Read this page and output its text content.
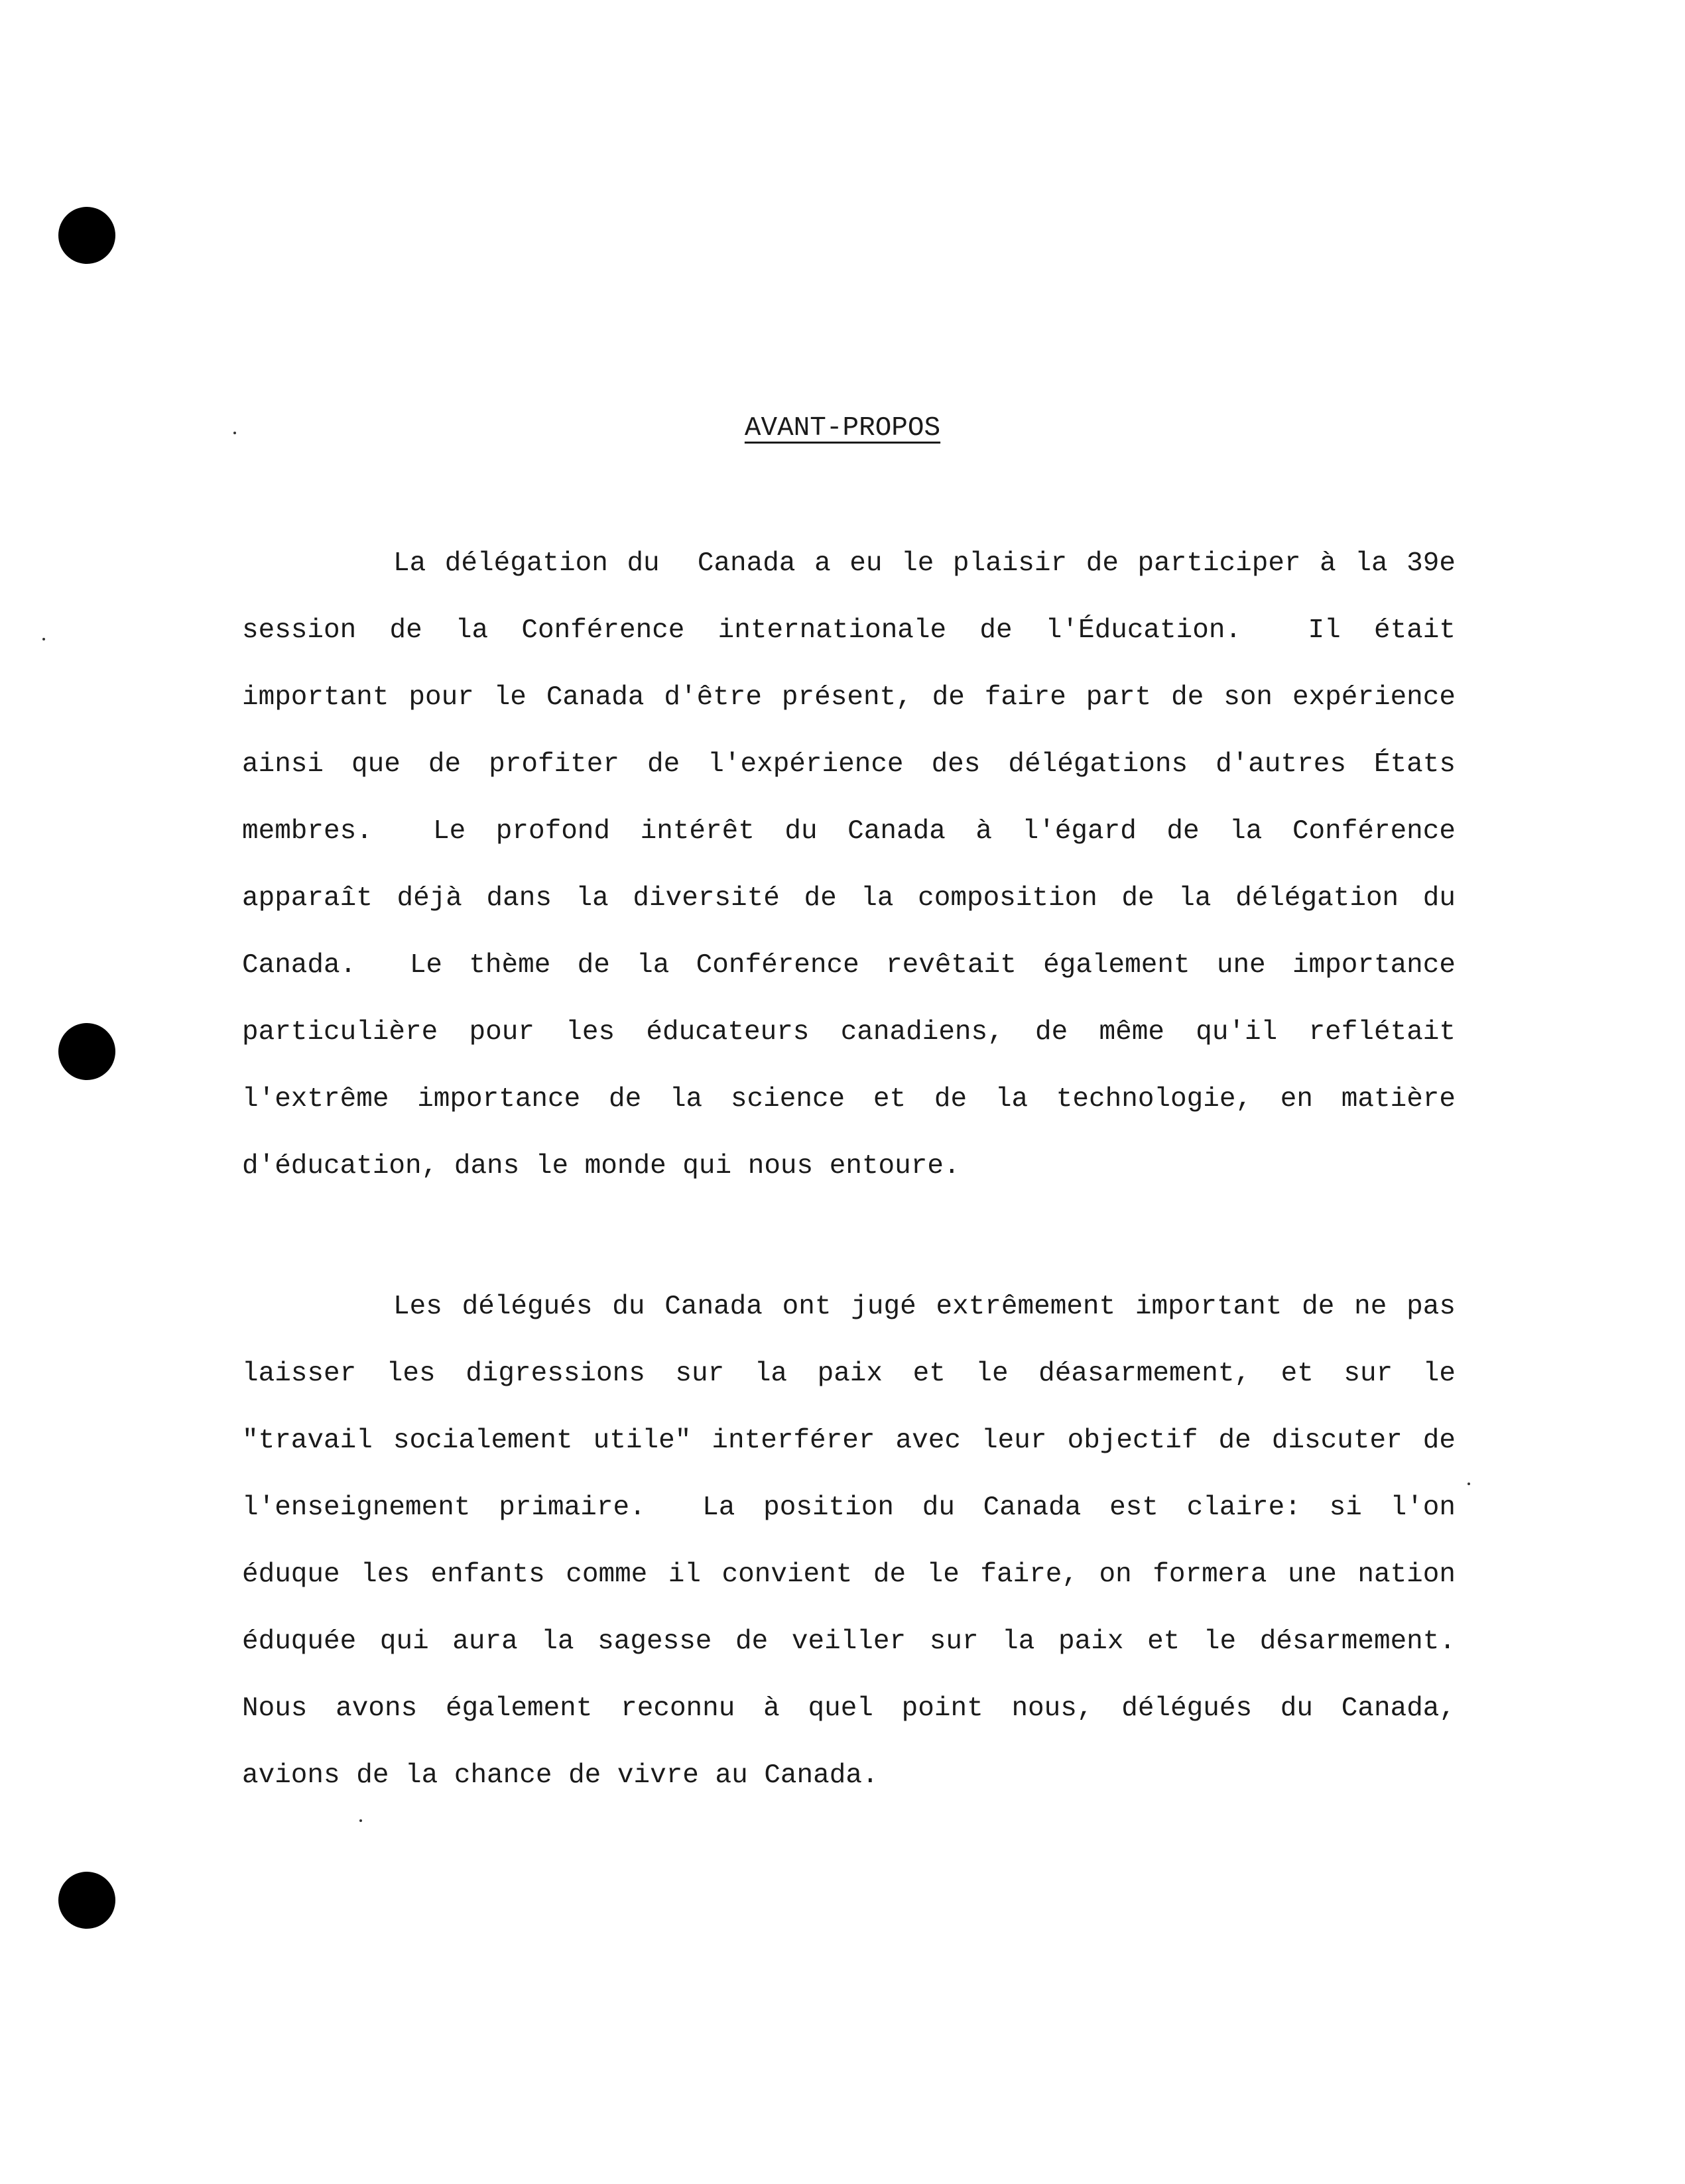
AVANT-PROPOS
La délégation du  Canada a eu le plaisir de participer à la 39e
session de la Conférence internationale de l'Éducation.  Il était
important pour le Canada d'être présent, de faire part de son expérience
ainsi que de profiter de l'expérience des délégations d'autres États
membres.  Le profond intérêt du Canada à l'égard de la Conférence
apparaît déjà dans la diversité de la composition de la délégation du
Canada.  Le thème de la Conférence revêtait également une importance
particulière pour les éducateurs canadiens, de même qu'il reflétait
l'extrême importance de la science et de la technologie, en matière
d'éducation, dans le monde qui nous entoure.
Les délégués du Canada ont jugé extrêmement important de ne pas
laisser les digressions sur la paix et le déasarmement, et sur le
"travail socialement utile" interférer avec leur objectif de discuter de
l'enseignement primaire.  La position du Canada est claire: si l'on
éduque les enfants comme il convient de le faire, on formera une nation
éduquée qui aura la sagesse de veiller sur la paix et le désarmement.
Nous avons également reconnu à quel point nous, délégués du Canada,
avions de la chance de vivre au Canada.
